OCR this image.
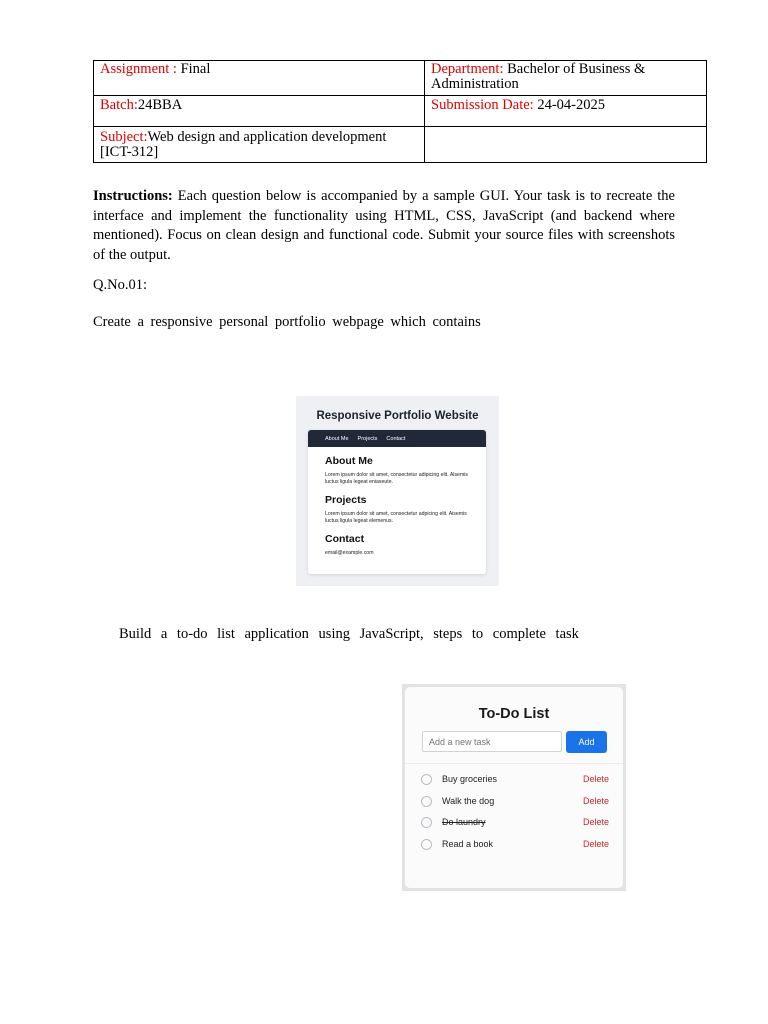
Assignment : Final	Department: Bachelor of Business & Administration
Batch:24BBA	Submission Date: 24-04-2025
Subject:Web design and application development [ICT-312]	
Instructions: Each question below is accompanied by a sample GUI. Your task is to recreate the interface and implement the functionality using HTML, CSS, JavaScript (and backend where mentioned). Focus on clean design and functional code. Submit your source files with screenshots of the output.
Q.No.01:
Create a responsive personal portfolio webpage which contains
Responsive Portfolio Website
About Me Projects Contact
About Me
Lorem ipsum dolor sit amet, consectetur adipicing elit. Alsemis luctus ligula legeat eniaseute.
Projects
Lorem ipsum dolor sit amet, consectetur adpicing elit. Aisemis luctus ligula legeat elemenus.
Contact
email@example.com
Build a to-do list application using JavaScript, steps to complete task
To-Do List
Add a new task
Add
Buy groceries	Delete
Walk the dog	Delete
Do laundry	Delete
Read a book	Delete
